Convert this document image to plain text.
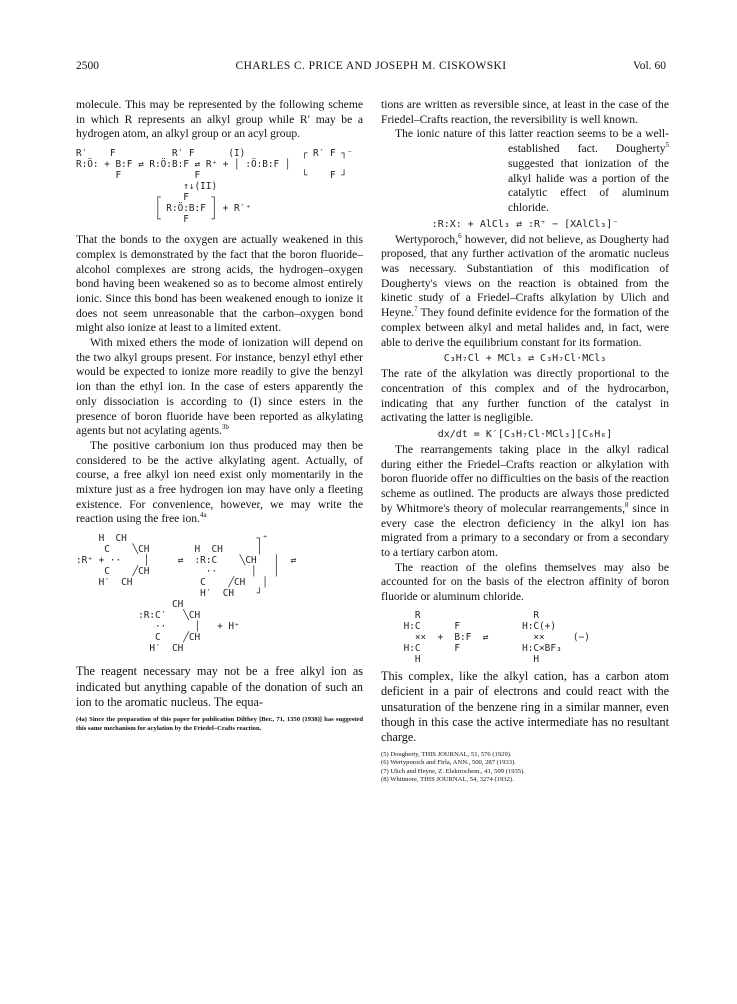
2500	CHARLES C. PRICE AND JOSEPH M. CISKOWSKI	Vol. 60

molecule. This may be represented by the following scheme in which R represents an alkyl group while R′ may be a hydrogen atom, an alkyl group or an acyl group.

R′    F          R′ F      (I)          ┌ R′ F ┐⁻
R:Ö: + B:F ⇄ R:Ö:B:F ⇄ R⁺ + │ :Ö:B:F │
F             F                  └    F ┘
↑↓(II)
┌    F    ┐
│ R:Ö:B:F │ + R′⁺
└    F    ┘

That the bonds to the oxygen are actually weakened in this complex is demonstrated by the fact that the boron fluoride–alcohol complexes are strong acids, the hydrogen–oxygen bond having been weakened so as to become almost entirely ionic. Since this bond has been weakened enough to ionize it does not seem unreasonable that the carbon–oxygen bond might also ionize at least to a limited extent.

With mixed ethers the mode of ionization will depend on the two alkyl groups present. For instance, benzyl ethyl ether would be expected to ionize more readily to give the benzyl ion than the ethyl ion. In the case of esters apparently the only dissociation is according to (I) since esters in the presence of boron fluoride have been reported as alkylating agents but not acylating agents.$^{3b}$

The positive carbonium ion thus produced may then be considered to be the active alkylating agent. Actually, of course, a free alkyl ion need exist only momentarily in the mixture just as a free hydrogen ion may have only a fleeting existence. For convenience, however, we may write the reaction using the free ion.$^{4a}$

H  CH                       ┐⁺
C    ╲CH        H  CH      │
:R⁺ + ··    │     ⇄  :R:C    ╲CH   │  ⇄
C    ╱CH          ··      │   │
H′  CH            C    ╱CH   │
H′  CH    ┘
CH
:R:C′   ╲CH
··     │   + H⁺
C    ╱CH
H′  CH

The reagent necessary may not be a free alkyl ion as indicated but anything capable of the donation of such an ion to the aromatic nucleus. The equa-

(4a) Since the preparation of this paper for publication Dilthey [Ber., 71, 1350 (1938)] has suggested this same mechanism for acylation by the Friedel–Crafts reaction.

tions are written as reversible since, at least in the case of the Friedel–Crafts reaction, the reversibility is well known.

The ionic nature of this latter reaction seems to be a well-established fact. Dougherty$^5$ suggested that ionization of the alkyl halide was a portion of the catalytic effect of aluminum chloride.

:R:X: + AlCl₃ ⇄ :R⁺ − [XAlCl₃]⁻

Wertyporoch,$^6$ however, did not believe, as Dougherty had proposed, that any further activation of the aromatic nucleus was necessary. Substantiation of this modification of Dougherty's views on the reaction is obtained from the kinetic study of a Friedel–Crafts alkylation by Ulich and Heyne.$^7$ They found definite evidence for the formation of the complex between alkyl and metal halides and, in fact, were able to derive the equilibrium constant for its formation.

C₃H₇Cl + MCl₃ ⇄ C₃H₇Cl·MCl₃

The rate of the alkylation was directly proportional to the concentration of this complex and of the hydrocarbon, indicating that any further function of the catalyst in activating the latter is negligible.

dx/dt = K′[C₃H₇Cl·MCl₃][C₆H₆]

The rearrangements taking place in the alkyl radical during either the Friedel–Crafts reaction or alkylation with boron fluoride offer no difficulties on the basis of the reaction scheme as outlined. The products are always those predicted by Whitmore's theory of molecular rearrangements,$^8$ since in every case the electron deficiency in the alkyl ion has migrated from a primary to a secondary or from a secondary to a tertiary carbon atom.

The reaction of the olefins themselves may also be accounted for on the basis of the electron affinity of boron fluoride or aluminum chloride.

R                    R
H:C      F           H:C(+)
××  +  B:F  ⇄        ××     (−)
H:C      F           H:C×BF₃
H                    H

This complex, like the alkyl cation, has a carbon atom deficient in a pair of electrons and could react with the unsaturation of the benzene ring in a similar manner, even though in this case the active intermediate has no resultant charge.

(5) Dougherty, THIS JOURNAL, 51, 576 (1929).
(6) Wertyporoch and Firla, ANN., 500, 287 (1933).
(7) Ulich and Heyne, Z. Elektrochem., 41, 509 (1935).
(8) Whitmore, THIS JOURNAL, 54, 3274 (1932).
